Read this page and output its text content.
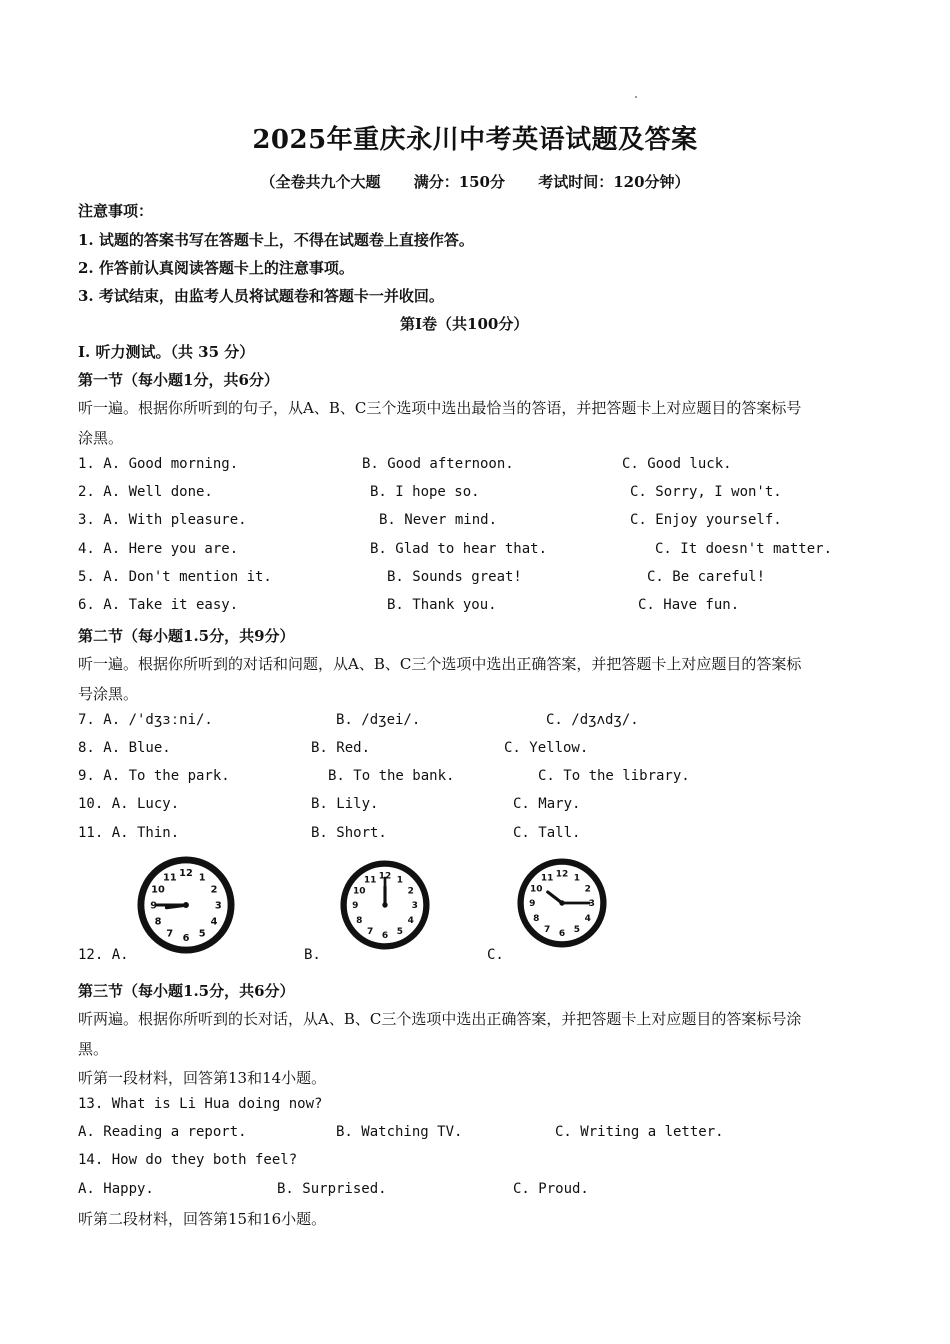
2025年重庆永川中考英语试题及答案
（全卷共九个大题 满分：150分 考试时间：120分钟）
注意事项：
1. 试题的答案书写在答题卡上，不得在试题卷上直接作答。
2. 作答前认真阅读答题卡上的注意事项。
3. 考试结束，由监考人员将试题卷和答题卡一并收回。
第I卷（共100分）
I. 听力测试。（共 35 分）
第一节（每小题1分，共6分）
听一遍。根据你所听到的句子，从A、B、C三个选项中选出最恰当的答语，并把答题卡上对应题目的答案标号
涂黑。
1. A. Good morning.	B. Good afternoon.	C. Good luck.
2. A. Well done.	B. I hope so.	C. Sorry, I won't.
3. A. With pleasure.	B. Never mind.	C. Enjoy yourself.
4. A. Here you are.	B. Glad to hear that.	C. It doesn't matter.
5. A. Don't mention it.	B. Sounds great!	C. Be careful!
6. A. Take it easy.	B. Thank you.	C. Have fun.
第二节（每小题1.5分，共9分）
听一遍。根据你所听到的对话和问题，从A、B、C三个选项中选出正确答案，并把答题卡上对应题目的答案标
号涂黑。
7. A. /'dʒɜːni/.	B. /dʒei/.	C. /dʒʌdʒ/.
8. A. Blue.	B. Red.	C. Yellow.
9. A. To the park.	B. To the bank.	C. To the library.
10. A. Lucy.	B. Lily.	C. Mary.
11. A. Thin.	B. Short.	C. Tall.
1
2
3
4
5
6
7
8
9
10
11 12
1
2
3
4
5
6
7
8
9
10
11 12	1
2
3
4
5
6
7
8
9
10
11 12
12. A.	B.	C.
第三节（每小题1.5分，共6分）
听两遍。根据你所听到的长对话，从A、B、C三个选项中选出正确答案，并把答题卡上对应题目的答案标号涂
黑。
听第一段材料，回答第13和14小题。
13. What is Li Hua doing now?
A. Reading a report.	B. Watching TV.	C. Writing a letter.
14. How do they both feel?
A. Happy.	B. Surprised.	C. Proud.
听第二段材料，回答第15和16小题。
